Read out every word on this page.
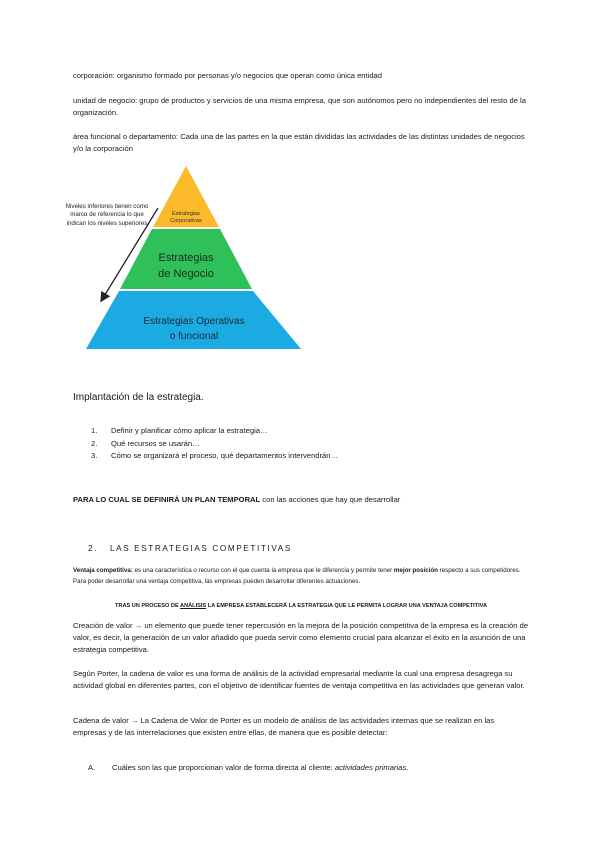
corporación: organismo formado por personas y/o negocios que operan como única entidad

unidad de negocio: grupo de productos y servicios de una misma empresa, que son autónomos pero no independientes del resto de la organización.

área funcional o departamento: Cada una de las partes en la que están divididas las actividades de las distintas unidades de negocios y/o la corporación

Estrategias
Corporativas
Estrategias
de Negocio
Estrategias Operativas
o funcional
Niveles inferiores tienen como marco de referencia lo que indican los niveles superiores

Implantación de la estrategia.

1.	Definir y planificar cómo aplicar la estrategia…
2.	Qué recursos se usarán…
3.	Cómo se organizará el proceso, qué departamentos intervendrán…

PARA LO CUAL SE DEFINIRÁ UN PLAN TEMPORAL con las acciones que hay que desarrollar

2. LAS ESTRATEGIAS COMPETITIVAS

Ventaja competitiva: es una característica o recurso con el que cuenta la empresa que le diferencia y permite tener mejor posición respecto a sus competidores. Para poder desarrollar una ventaja competitiva, las empresas pueden desarrollar diferentes actuaciones.

TRAS UN PROCESO DE ANÁLISIS LA EMPRESA ESTABLECERÁ LA ESTRATEGIA QUE LE PERMITA LOGRAR UNA VENTAJA COMPETITIVA

Creación de valor → un elemento que puede tener repercusión en la mejora de la posición competitiva de la empresa es la creación de valor, es decir, la generación de un valor añadido que pueda servir como elemento crucial para alcanzar el éxito en la asunción de una estrategia competitiva.

Según Porter, la cadena de valor es una forma de análisis de la actividad empresarial mediante la cual una empresa desagrega su actividad global en diferentes partes, con el objetivo de identificar fuentes de ventaja competitiva en las actividades que generan valor.

Cadena de valor → La Cadena de Valor de Porter es un modelo de análisis de las actividades internas que se realizan en las empresas y de las interrelaciones que existen entre ellas, de manera que es posible detectar:

A. Cuáles son las que proporcionan valor de forma directa al cliente: actividades primarias.
